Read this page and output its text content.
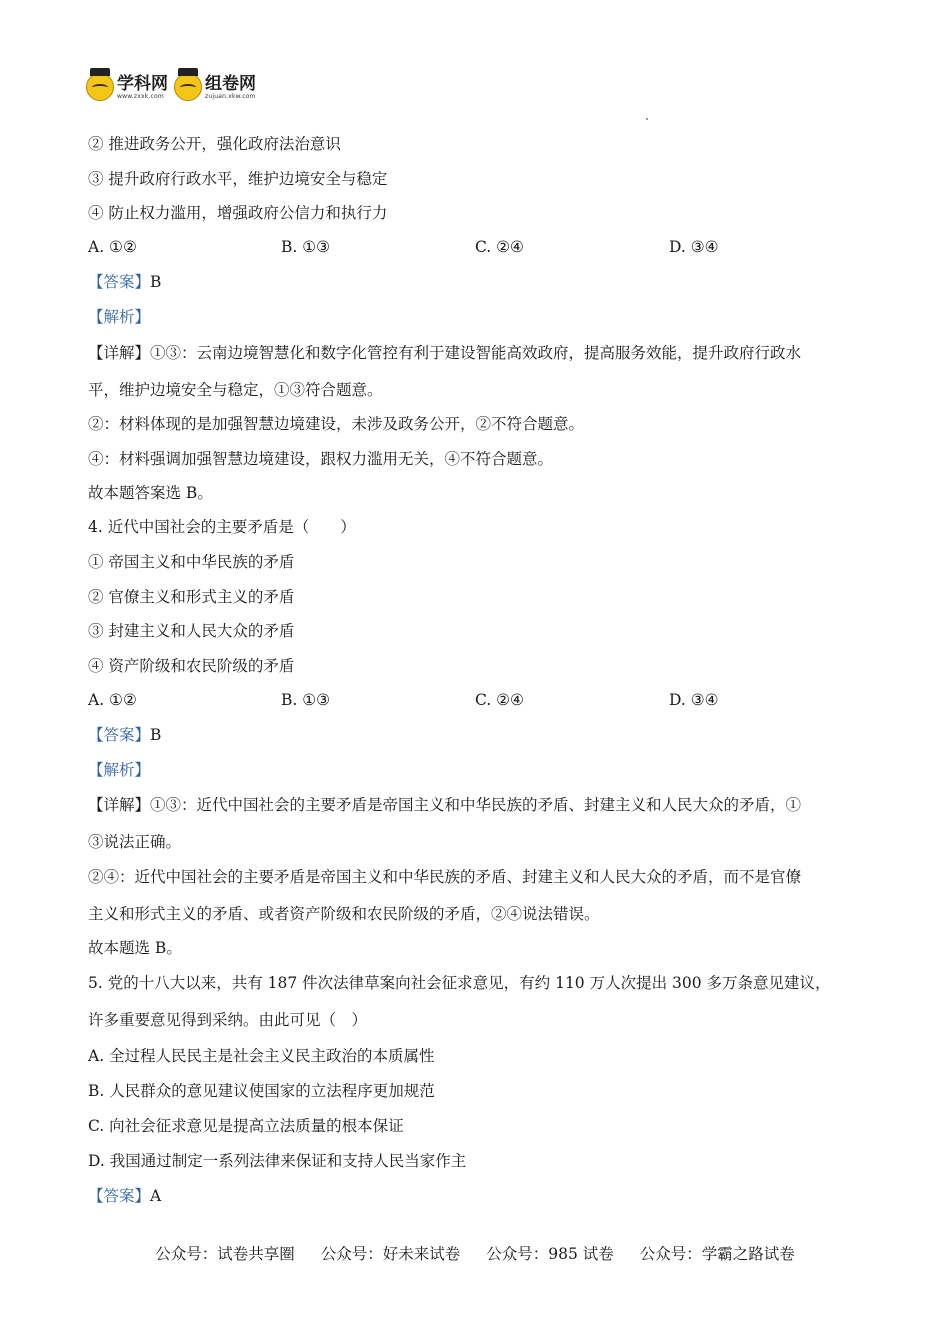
学科网
www.zxxk.com
组卷网
zujuan.xkw.com
② 推进政务公开，强化政府法治意识
③ 提升政府行政水平，维护边境安全与稳定
④ 防止权力滥用，增强政府公信力和执行力
A. ①②	B. ①③	C. ②④	D. ③④
【答案】B
【解析】
【详解】①③：云南边境智慧化和数字化管控有利于建设智能高效政府，提高服务效能，提升政府行政水
平，维护边境安全与稳定，①③符合题意。
②：材料体现的是加强智慧边境建设，未涉及政务公开，②不符合题意。
④：材料强调加强智慧边境建设，跟权力滥用无关，④不符合题意。
故本题答案选 B。
4. 近代中国社会的主要矛盾是（　　）
① 帝国主义和中华民族的矛盾
② 官僚主义和形式主义的矛盾
③ 封建主义和人民大众的矛盾
④ 资产阶级和农民阶级的矛盾
A. ①②	B. ①③	C. ②④	D. ③④
【答案】B
【解析】
【详解】①③：近代中国社会的主要矛盾是帝国主义和中华民族的矛盾、封建主义和人民大众的矛盾，①
③说法正确。
②④：近代中国社会的主要矛盾是帝国主义和中华民族的矛盾、封建主义和人民大众的矛盾，而不是官僚
主义和形式主义的矛盾、或者资产阶级和农民阶级的矛盾，②④说法错误。
故本题选 B。
5. 党的十八大以来，共有 187 件次法律草案向社会征求意见，有约 110 万人次提出 300 多万条意见建议，
许多重要意见得到采纳。由此可见（　）
A. 全过程人民民主是社会主义民主政治的本质属性
B. 人民群众的意见建议使国家的立法程序更加规范
C. 向社会征求意见是提高立法质量的根本保证
D. 我国通过制定一系列法律来保证和支持人民当家作主
【答案】A
公众号：试卷共享圈 公众号：好未来试卷 公众号：985 试卷 公众号：学霸之路试卷
